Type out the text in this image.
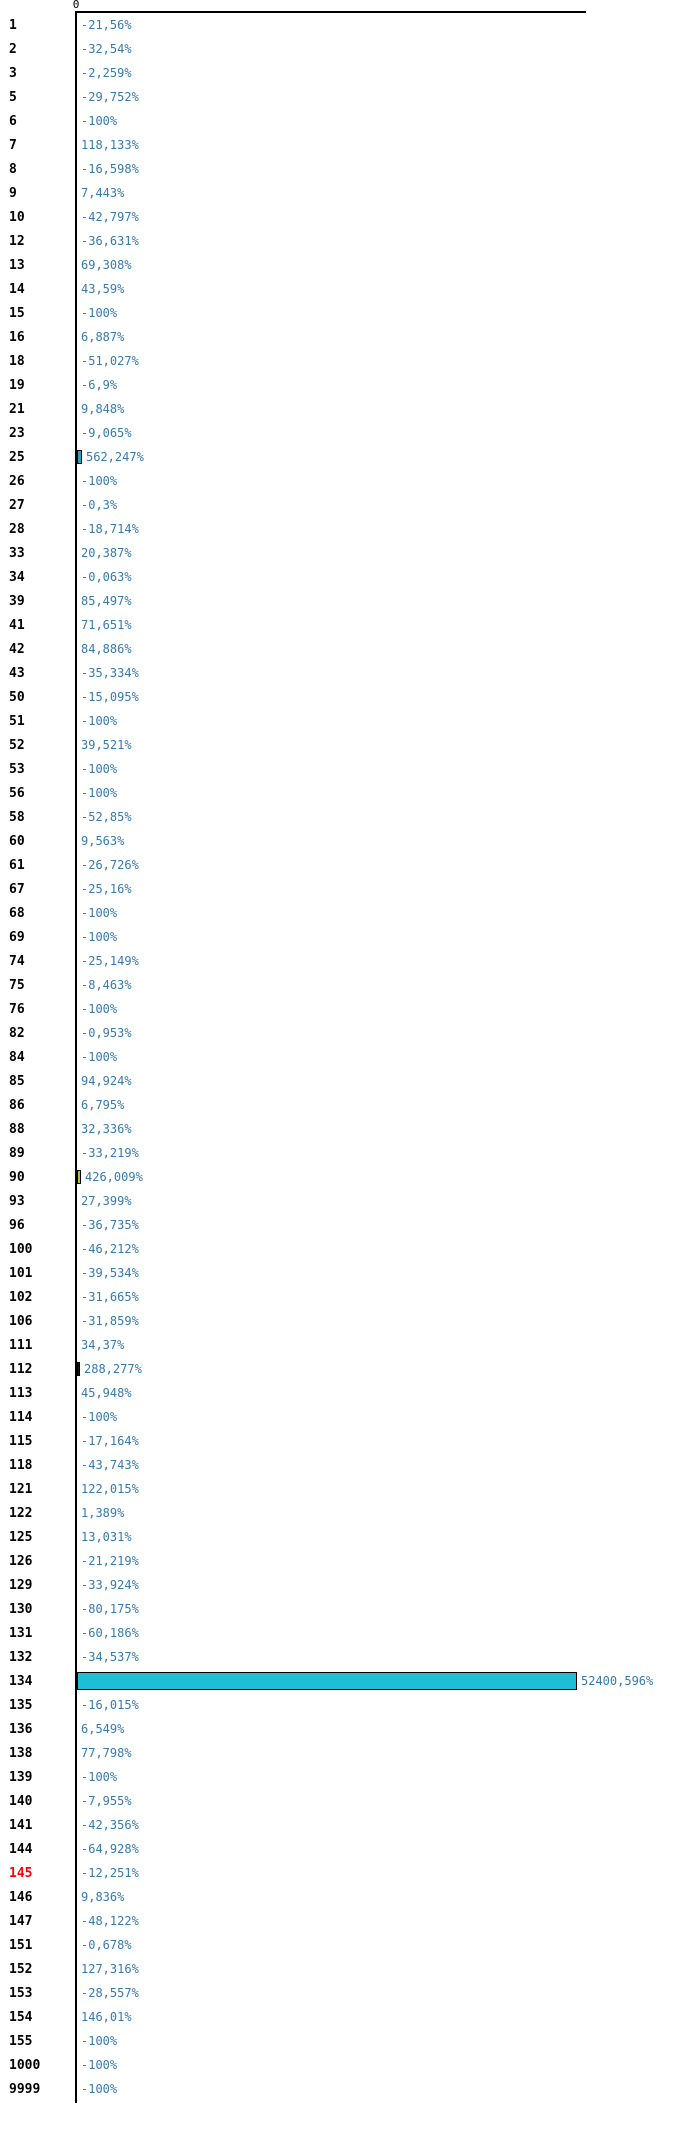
0
1	-21,56%
2	-32,54%
3	-2,259%
5	-29,752%
6	-100%
7	118,133%
8	-16,598%
9	7,443%
10	-42,797%
12	-36,631%
13	69,308%
14	43,59%
15	-100%
16	6,887%
18	-51,027%
19	-6,9%
21	9,848%
23	-9,065%
25	562,247%
26	-100%
27	-0,3%
28	-18,714%
33	20,387%
34	-0,063%
39	85,497%
41	71,651%
42	84,886%
43	-35,334%
50	-15,095%
51	-100%
52	39,521%
53	-100%
56	-100%
58	-52,85%
60	9,563%
61	-26,726%
67	-25,16%
68	-100%
69	-100%
74	-25,149%
75	-8,463%
76	-100%
82	-0,953%
84	-100%
85	94,924%
86	6,795%
88	32,336%
89	-33,219%
90	426,009%
93	27,399%
96	-36,735%
100	-46,212%
101	-39,534%
102	-31,665%
106	-31,859%
111	34,37%
112	288,277%
113	45,948%
114	-100%
115	-17,164%
118	-43,743%
121	122,015%
122	1,389%
125	13,031%
126	-21,219%
129	-33,924%
130	-80,175%
131	-60,186%
132	-34,537%
134	52400,596%
135	-16,015%
136	6,549%
138	77,798%
139	-100%
140	-7,955%
141	-42,356%
144	-64,928%
145	-12,251%
146	9,836%
147	-48,122%
151	-0,678%
152	127,316%
153	-28,557%
154	146,01%
155	-100%
1000	-100%
9999	-100%
